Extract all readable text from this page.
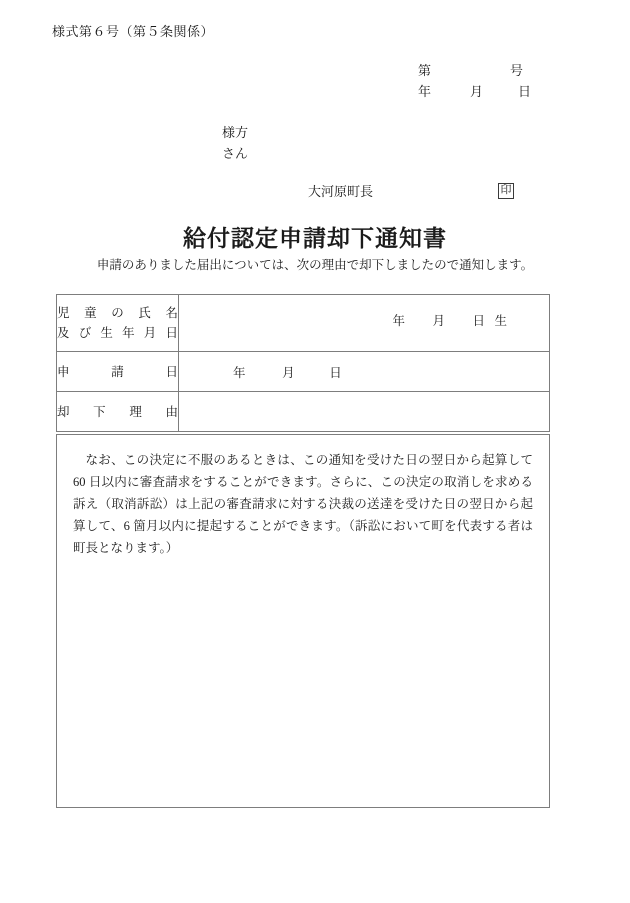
様式第６号（第５条関係）
第	号
年	月	日
様方
さん
大河原町長	印
給付認定申請却下通知書
申請のありました届出については、次の理由で却下しましたので通知します。
児童の氏名
及び生年月日	年 月 日 生

申請日	年 月 日

却下理由	

なお、この決定に不服のあるときは、この通知を受けた日の翌日から起算して 60 日以内に審査請求をすることができます。さらに、この決定の取消しを求める訴え（取消訴訟）は上記の審査請求に対する決裁の送達を受けた日の翌日から起算して、6 箇月以内に提起することができます。（訴訟において町を代表する者は町長となります。）
